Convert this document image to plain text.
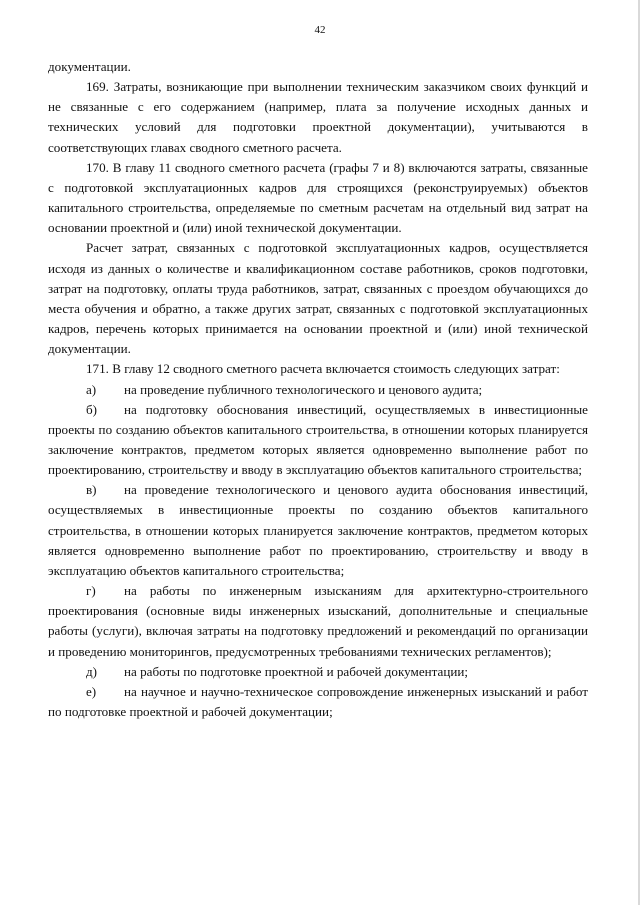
42

документации.

169. Затраты, возникающие при выполнении техническим заказчиком своих функций и не связанные с его содержанием (например, плата за получение исходных данных и технических условий для подготовки проектной документации), учитываются в соответствующих главах сводного сметного расчета.

170. В главу 11 сводного сметного расчета (графы 7 и 8) включаются затраты, связанные с подготовкой эксплуатационных кадров для строящихся (реконструируемых) объектов капитального строительства, определяемые по сметным расчетам на отдельный вид затрат на основании проектной и (или) иной технической документации.

Расчет затрат, связанных с подготовкой эксплуатационных кадров, осуществляется исходя из данных о количестве и квалификационном составе работников, сроков подготовки, затрат на подготовку, оплаты труда работников, затрат, связанных с проездом обучающихся до места обучения и обратно, а также других затрат, связанных с подготовкой эксплуатационных кадров, перечень которых принимается на основании проектной и (или) иной технической документации.

171. В главу 12 сводного сметного расчета включается стоимость следующих затрат:

а) на проведение публичного технологического и ценового аудита;

б) на подготовку обоснования инвестиций, осуществляемых в инвестиционные проекты по созданию объектов капитального строительства, в отношении которых планируется заключение контрактов, предметом которых является одновременно выполнение работ по проектированию, строительству и вводу в эксплуатацию объектов капитального строительства;

в) на проведение технологического и ценового аудита обоснования инвестиций, осуществляемых в инвестиционные проекты по созданию объектов капитального строительства, в отношении которых планируется заключение контрактов, предметом которых является одновременно выполнение работ по проектированию, строительству и вводу в эксплуатацию объектов капитального строительства;

г) на работы по инженерным изысканиям для архитектурно-строительного проектирования (основные виды инженерных изысканий, дополнительные и специальные работы (услуги), включая затраты на подготовку предложений и рекомендаций по организации и проведению мониторингов, предусмотренных требованиями технических регламентов);

д) на работы по подготовке проектной и рабочей документации;

е) на научное и научно-техническое сопровождение инженерных изысканий и работ по подготовке проектной и рабочей документации;
